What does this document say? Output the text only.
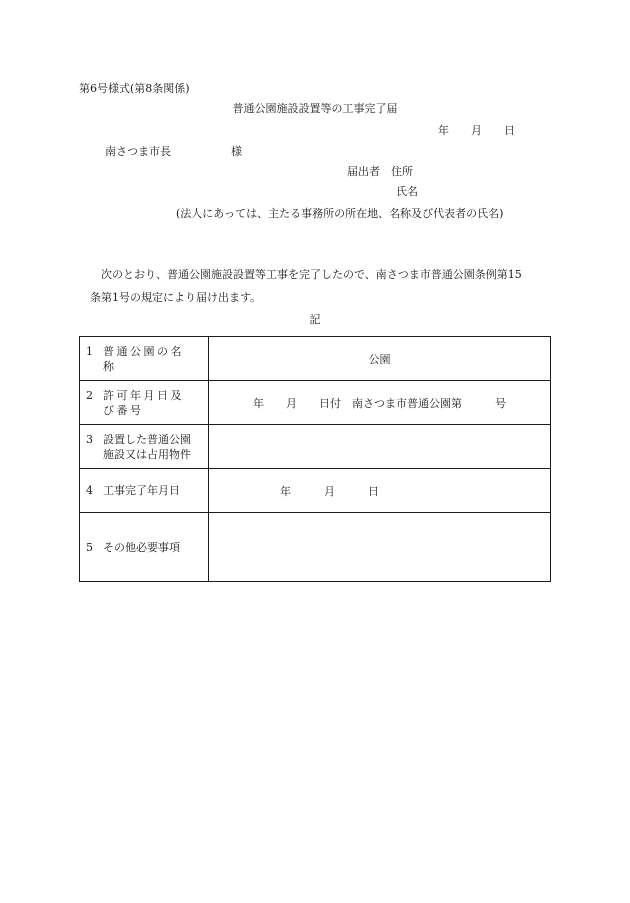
第6号様式(第8条関係)
普通公園施設設置等の工事完了届
年　　月　　日
南さつま市長	様
届出者　住所
氏名
(法人にあっては、主たる事務所の所在地、名称及び代表者の氏名)
次のとおり、普通公園施設設置等工事を完了したので、南さつま市普通公園条例第15
条第1号の規定により届け出ます。
記
1 普通公園の名称	公園

2 許可年月日及び番号	年　　月　　日付　南さつま市普通公園第　　　号

3 設置した普通公園施設又は占用物件	

4 工事完了年月日	年　　　月　　　日

5 その他必要事項	
